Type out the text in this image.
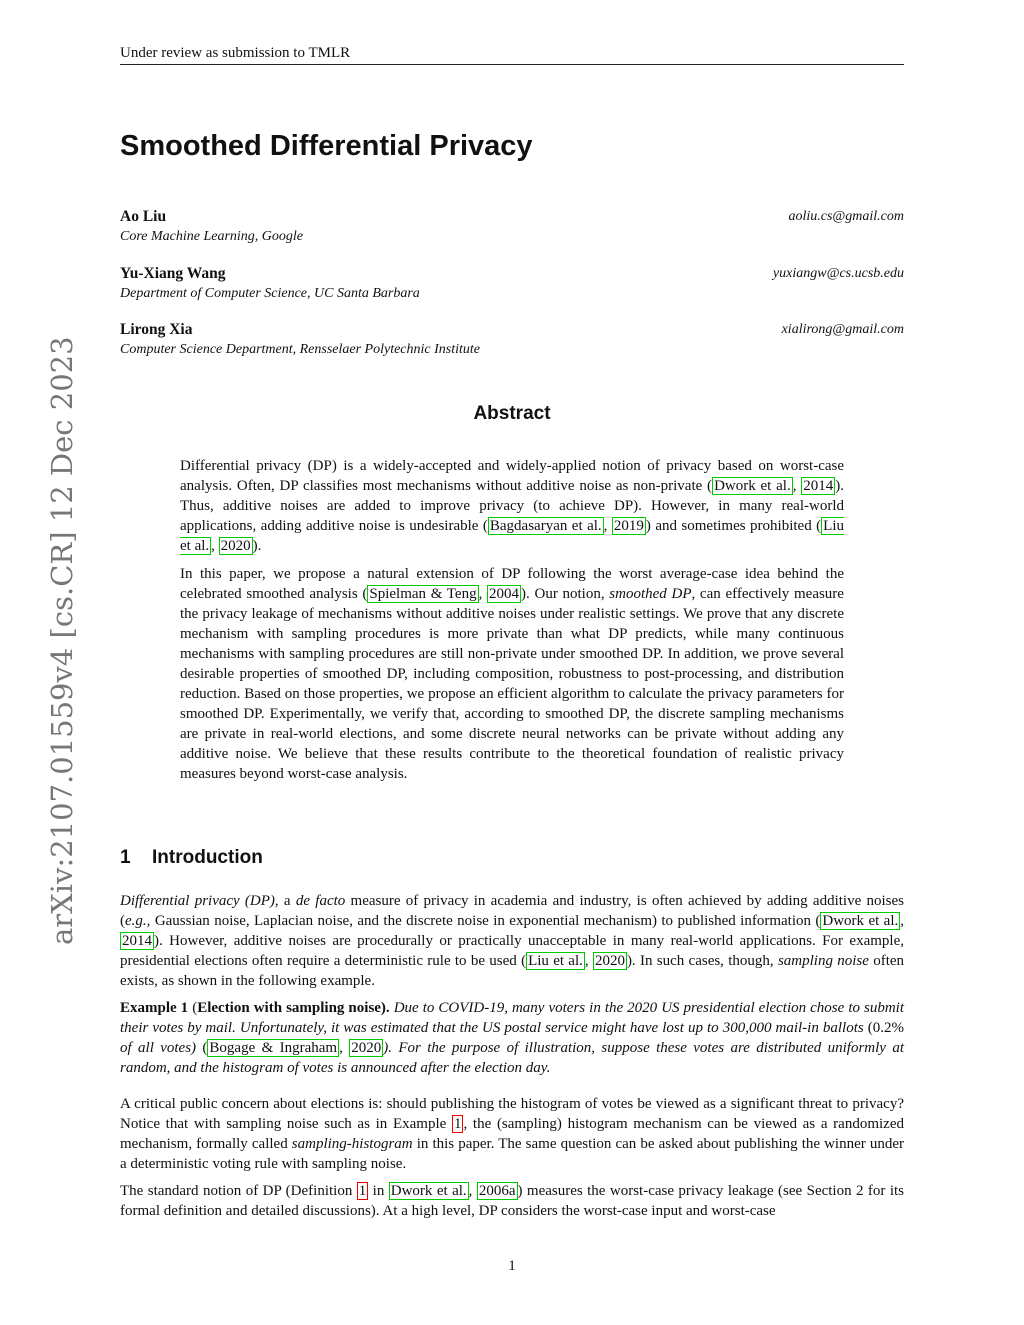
Under review as submission to TMLR
Smoothed Differential Privacy
Ao Liu	aoliu.cs@gmail.com
Core Machine Learning, Google
Yu-Xiang Wang	yuxiangw@cs.ucsb.edu
Department of Computer Science, UC Santa Barbara
Lirong Xia	xialirong@gmail.com
Computer Science Department, Rensselaer Polytechnic Institute
Abstract

Differential privacy (DP) is a widely-accepted and widely-applied notion of privacy based on worst-case analysis. Often, DP classifies most mechanisms without additive noise as non-private ( Dwork et al. , 2014 ). Thus, additive noises are added to improve privacy (to achieve DP). However, in many real-world applications, adding additive noise is undesirable ( Bagdasaryan et al. , 2019 ) and sometimes prohibited ( Liu et al. , 2020 ).

In this paper, we propose a natural extension of DP following the worst average-case idea behind the celebrated smoothed analysis ( Spielman & Teng , 2004 ). Our notion, smoothed DP, can effectively measure the privacy leakage of mechanisms without additive noises under realistic settings. We prove that any discrete mechanism with sampling procedures is more private than what DP predicts, while many continuous mechanisms with sampling procedures are still non-private under smoothed DP. In addition, we prove several desirable properties of smoothed DP, including composition, robustness to post-processing, and distribution reduction. Based on those properties, we propose an efficient algorithm to calculate the privacy parameters for smoothed DP. Experimentally, we verify that, according to smoothed DP, the discrete sampling mechanisms are private in real-world elections, and some discrete neural networks can be private without adding any additive noise. We believe that these results contribute to the theoretical foundation of realistic privacy measures beyond worst-case analysis.

1 Introduction

Differential privacy (DP), a de facto measure of privacy in academia and industry, is often achieved by adding additive noises (e.g., Gaussian noise, Laplacian noise, and the discrete noise in exponential mechanism) to published information ( Dwork et al. , 2014 ). However, additive noises are procedurally or practically unacceptable in many real-world applications. For example, presidential elections often require a deterministic rule to be used ( Liu et al. , 2020 ). In such cases, though, sampling noise often exists, as shown in the following example.

Example 1 (Election with sampling noise). Due to COVID-19, many voters in the 2020 US presidential election chose to submit their votes by mail. Unfortunately, it was estimated that the US postal service might have lost up to 300,000 mail-in ballots (0.2% of all votes) ( Bogage & Ingraham , 2020 ). For the purpose of illustration, suppose these votes are distributed uniformly at random, and the histogram of votes is announced after the election day.

A critical public concern about elections is: should publishing the histogram of votes be viewed as a significant threat to privacy? Notice that with sampling noise such as in Example 1 , the (sampling) histogram mechanism can be viewed as a randomized mechanism, formally called sampling-histogram in this paper. The same question can be asked about publishing the winner under a deterministic voting rule with sampling noise.

The standard notion of DP (Definition 1 in Dwork et al. , 2006a ) measures the worst-case privacy leakage (see Section 2 for its formal definition and detailed discussions). At a high level, DP considers the worst-case input and worst-case

1
arXiv:2107.01559v4 [cs.CR] 12 Dec 2023
